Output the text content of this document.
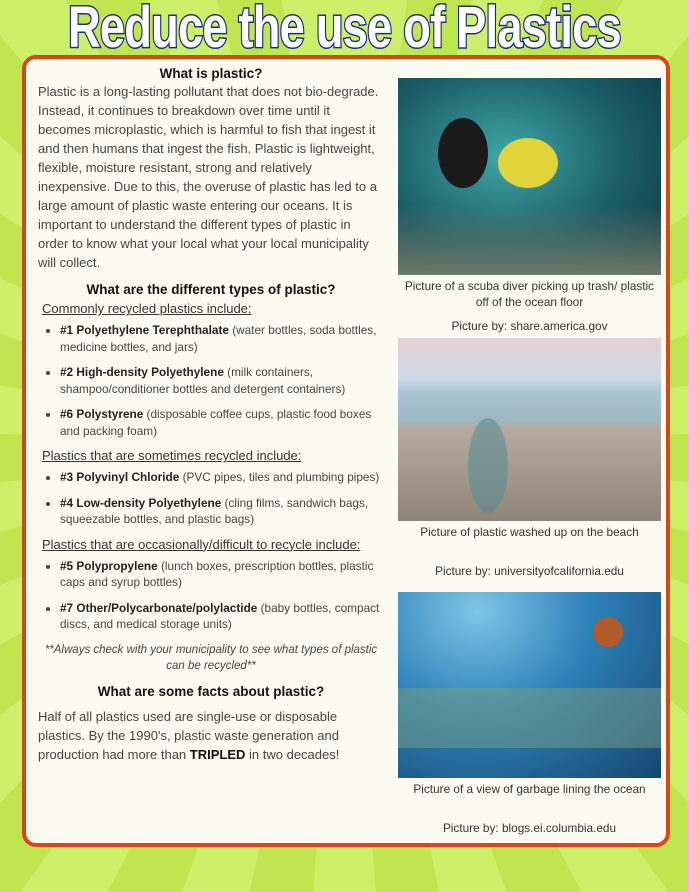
Reduce the use of Plastics
What is plastic?

Plastic is a long-lasting pollutant that does not bio-degrade. Instead, it continues to breakdown over time until it becomes microplastic, which is harmful to fish that ingest it and then humans that ingest the fish. Plastic is lightweight, flexible, moisture resistant, strong and relatively inexpensive. Due to this, the overuse of plastic has led to a large amount of plastic waste entering our oceans. It is important to understand the different types of plastic in order to know what your local what your local municipality will collect.

What are the different types of plastic?
Commonly recycled plastics include:
• #1 Polyethylene Terephthalate (water bottles, soda bottles, medicine bottles, and jars)
• #2 High-density Polyethylene (milk containers, shampoo/conditioner bottles and detergent containers)
• #6 Polystyrene (disposable coffee cups, plastic food boxes and packing foam)
Plastics that are sometimes recycled include:
• #3 Polyvinyl Chloride (PVC pipes, tiles and plumbing pipes)
• #4 Low-density Polyethylene (cling films, sandwich bags, squeezable bottles, and plastic bags)
Plastics that are occasionally/difficult to recycle include:
• #5 Polypropylene (lunch boxes, prescription bottles, plastic caps and syrup bottles)
• #7 Other/Polycarbonate/polylactide (baby bottles, compact discs, and medical storage units)
**Always check with your municipality to see what types of plastic can be recycled**
What are some facts about plastic?

Half of all plastics used are single-use or disposable plastics. By the 1990's, plastic waste generation and production had more than TRIPLED in two decades!

Picture of a scuba diver picking up trash/ plastic off of the ocean floor
Picture by: share.america.gov
Picture of plastic washed up on the beach
Picture by: universityofcalifornia.edu
Picture of a view of garbage lining the ocean
Picture by: blogs.ei.columbia.edu
